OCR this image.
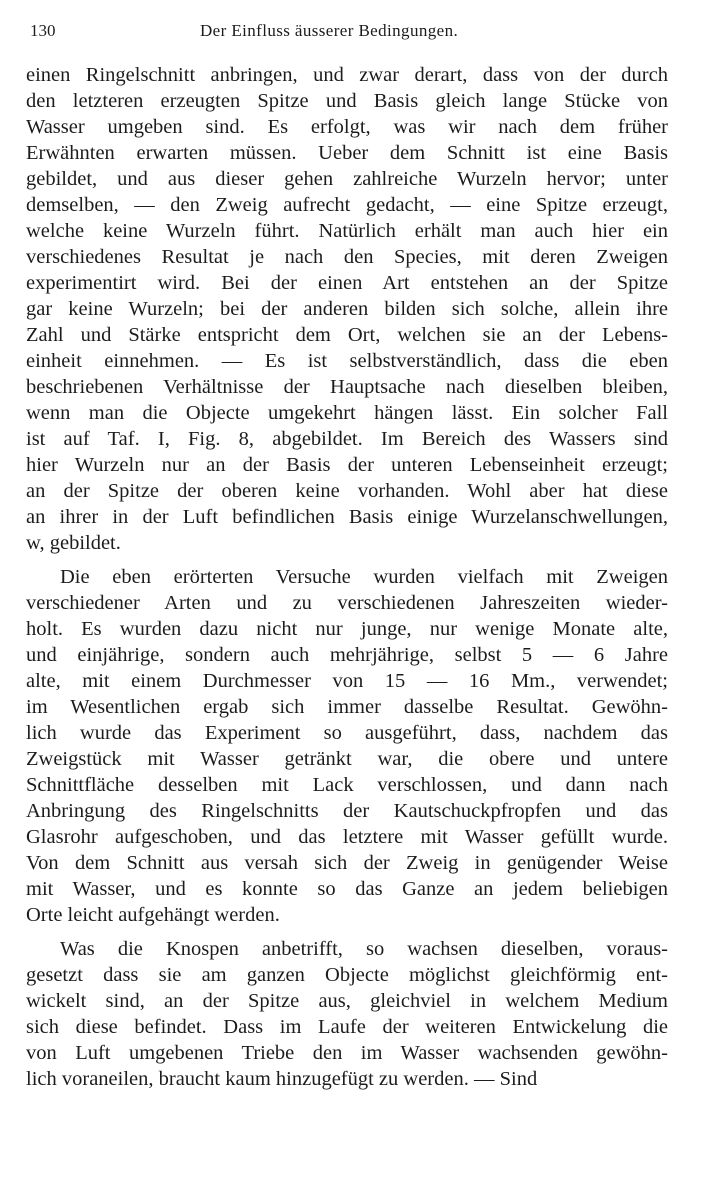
130	Der Einfluss äusserer Bedingungen.
einen Ringelschnitt anbringen, und zwar derart, dass von der durch
den letzteren erzeugten Spitze und Basis gleich lange Stücke von
Wasser umgeben sind. Es erfolgt, was wir nach dem früher
Erwähnten erwarten müssen. Ueber dem Schnitt ist eine Basis
gebildet, und aus dieser gehen zahlreiche Wurzeln hervor; unter
demselben, — den Zweig aufrecht gedacht, — eine Spitze erzeugt,
welche keine Wurzeln führt. Natürlich erhält man auch hier ein
verschiedenes Resultat je nach den Species, mit deren Zweigen
experimentirt wird. Bei der einen Art entstehen an der Spitze
gar keine Wurzeln; bei der anderen bilden sich solche, allein ihre
Zahl und Stärke entspricht dem Ort, welchen sie an der Lebens-
einheit einnehmen. — Es ist selbstverständlich, dass die eben
beschriebenen Verhältnisse der Hauptsache nach dieselben bleiben,
wenn man die Objecte umgekehrt hängen lässt. Ein solcher Fall
ist auf Taf. I, Fig. 8, abgebildet. Im Bereich des Wassers sind
hier Wurzeln nur an der Basis der unteren Lebenseinheit erzeugt;
an der Spitze der oberen keine vorhanden. Wohl aber hat diese
an ihrer in der Luft befindlichen Basis einige Wurzelanschwellungen,
w, gebildet.
Die eben erörterten Versuche wurden vielfach mit Zweigen
verschiedener Arten und zu verschiedenen Jahreszeiten wieder-
holt. Es wurden dazu nicht nur junge, nur wenige Monate alte,
und einjährige, sondern auch mehrjährige, selbst 5 — 6 Jahre
alte, mit einem Durchmesser von 15 — 16 Mm., verwendet;
im Wesentlichen ergab sich immer dasselbe Resultat. Gewöhn-
lich wurde das Experiment so ausgeführt, dass, nachdem das
Zweigstück mit Wasser getränkt war, die obere und untere
Schnittfläche desselben mit Lack verschlossen, und dann nach
Anbringung des Ringelschnitts der Kautschuckpfropfen und das
Glasrohr aufgeschoben, und das letztere mit Wasser gefüllt wurde.
Von dem Schnitt aus versah sich der Zweig in genügender Weise
mit Wasser, und es konnte so das Ganze an jedem beliebigen
Orte leicht aufgehängt werden.
Was die Knospen anbetrifft, so wachsen dieselben, voraus-
gesetzt dass sie am ganzen Objecte möglichst gleichförmig ent-
wickelt sind, an der Spitze aus, gleichviel in welchem Medium
sich diese befindet. Dass im Laufe der weiteren Entwickelung die
von Luft umgebenen Triebe den im Wasser wachsenden gewöhn-
lich voraneilen, braucht kaum hinzugefügt zu werden. — Sind
